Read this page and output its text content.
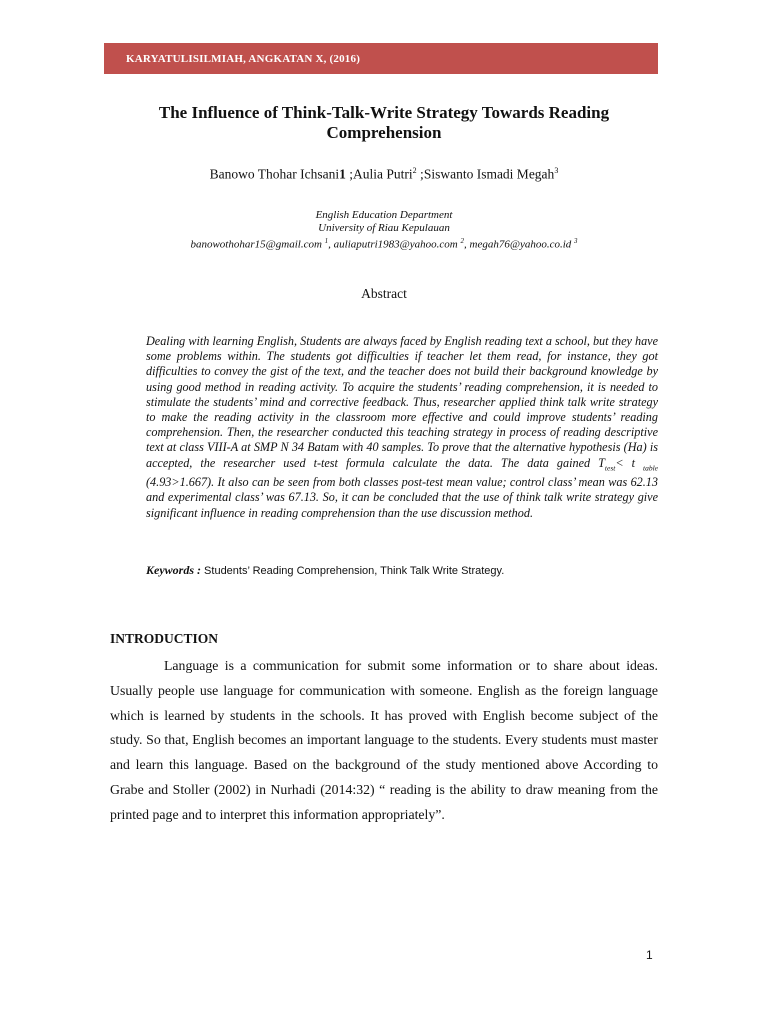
KARYATULISILMIAH, ANGKATAN X, (2016)
The Influence of Think-Talk-Write Strategy Towards Reading Comprehension
Banowo Thohar Ichsani1 ;Aulia Putri$^2$ ;Siswanto Ismadi Megah$^3$
English Education Department
University of Riau Kepulauan
banowothohar15@gmail.com $^1$, auliaputri1983@yahoo.com $^2$, megah76@yahoo.co.id $^3$
Abstract
Dealing with learning English, Students are always faced by English reading text a school, but they have some problems within. The students got difficulties if teacher let them read, for instance, they got difficulties to convey the gist of the text, and the teacher does not build their background knowledge by using good method in reading activity. To acquire the students’ reading comprehension, it is needed to stimulate the students’ mind and corrective feedback. Thus, researcher applied think talk write strategy to make the reading activity in the classroom more effective and could improve students’ reading comprehension. Then, the researcher conducted this teaching strategy in process of reading descriptive text at class VIII-A at SMP N 34 Batam with 40 samples. To prove that the alternative hypothesis (Ha) is accepted, the researcher used t-test formula calculate the data. The data gained $T_{test}< t$ $_{table}$ (4.93>1.667). It also can be seen from both classes post-test mean value; control class’ mean was 62.13 and experimental class’ was 67.13. So, it can be concluded that the use of think talk write strategy give significant influence in reading comprehension than the use discussion method.
Keywords : Students’ Reading Comprehension, Think Talk Write Strategy.
INTRODUCTION
Language is a communication for submit some information or to share about ideas. Usually people use language for communication with someone. English as the foreign language which is learned by students in the schools. It has proved with English become subject of the study. So that, English becomes an important language to the students. Every students must master and learn this language. Based on the background of the study mentioned above According to Grabe and Stoller (2002) in Nurhadi (2014:32) “ reading is the ability to draw meaning from the printed page and to interpret this information appropriately”.
1
